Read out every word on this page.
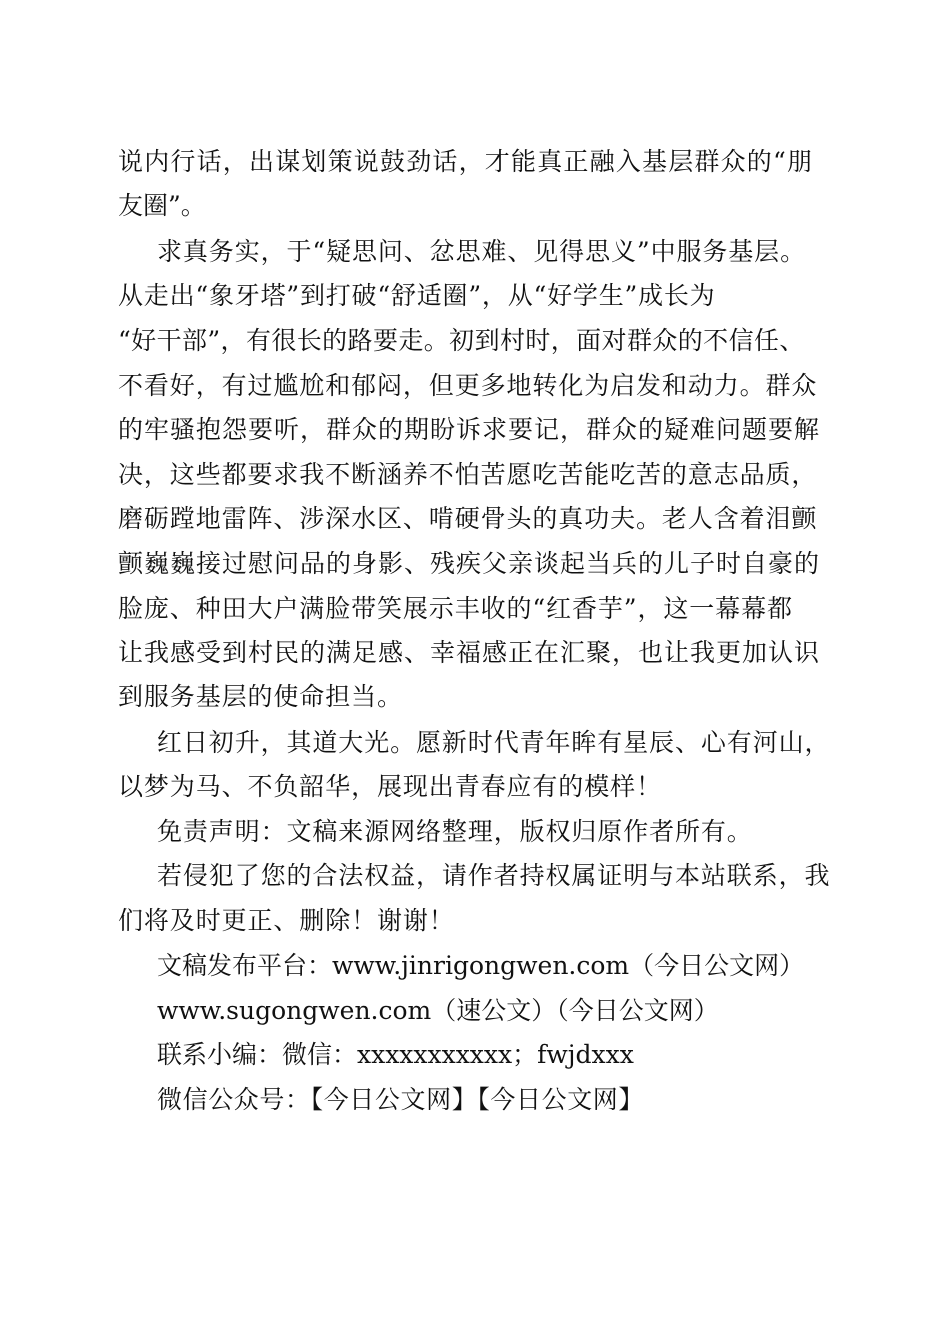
说内行话，出谋划策说鼓劲话，才能真正融入基层群众的“朋
友圈”。
求真务实，于“疑思问、忿思难、见得思义”中服务基层。
从走出“象牙塔”到打破“舒适圈”，从“好学生”成长为
“好干部”，有很长的路要走。初到村时，面对群众的不信任、
不看好，有过尴尬和郁闷，但更多地转化为启发和动力。群众
的牢骚抱怨要听，群众的期盼诉求要记，群众的疑难问题要解
决，这些都要求我不断涵养不怕苦愿吃苦能吃苦的意志品质，
磨砺蹚地雷阵、涉深水区、啃硬骨头的真功夫。老人含着泪颤
颤巍巍接过慰问品的身影、残疾父亲谈起当兵的儿子时自豪的
脸庞、种田大户满脸带笑展示丰收的“红香芋”，这一幕幕都
让我感受到村民的满足感、幸福感正在汇聚，也让我更加认识
到服务基层的使命担当。
红日初升，其道大光。愿新时代青年眸有星辰、心有河山，
以梦为马、不负韶华，展现出青春应有的模样！
免责声明：文稿来源网络整理，版权归原作者所有。
若侵犯了您的合法权益，请作者持权属证明与本站联系，我
们将及时更正、删除！谢谢！
文稿发布平台：www.jinrigongwen.com（今日公文网）
www.sugongwen.com（速公文）（今日公文网）
联系小编：微信：xxxxxxxxxxx；fwjdxxx
微信公众号：【今日公文网】【今日公文网】
